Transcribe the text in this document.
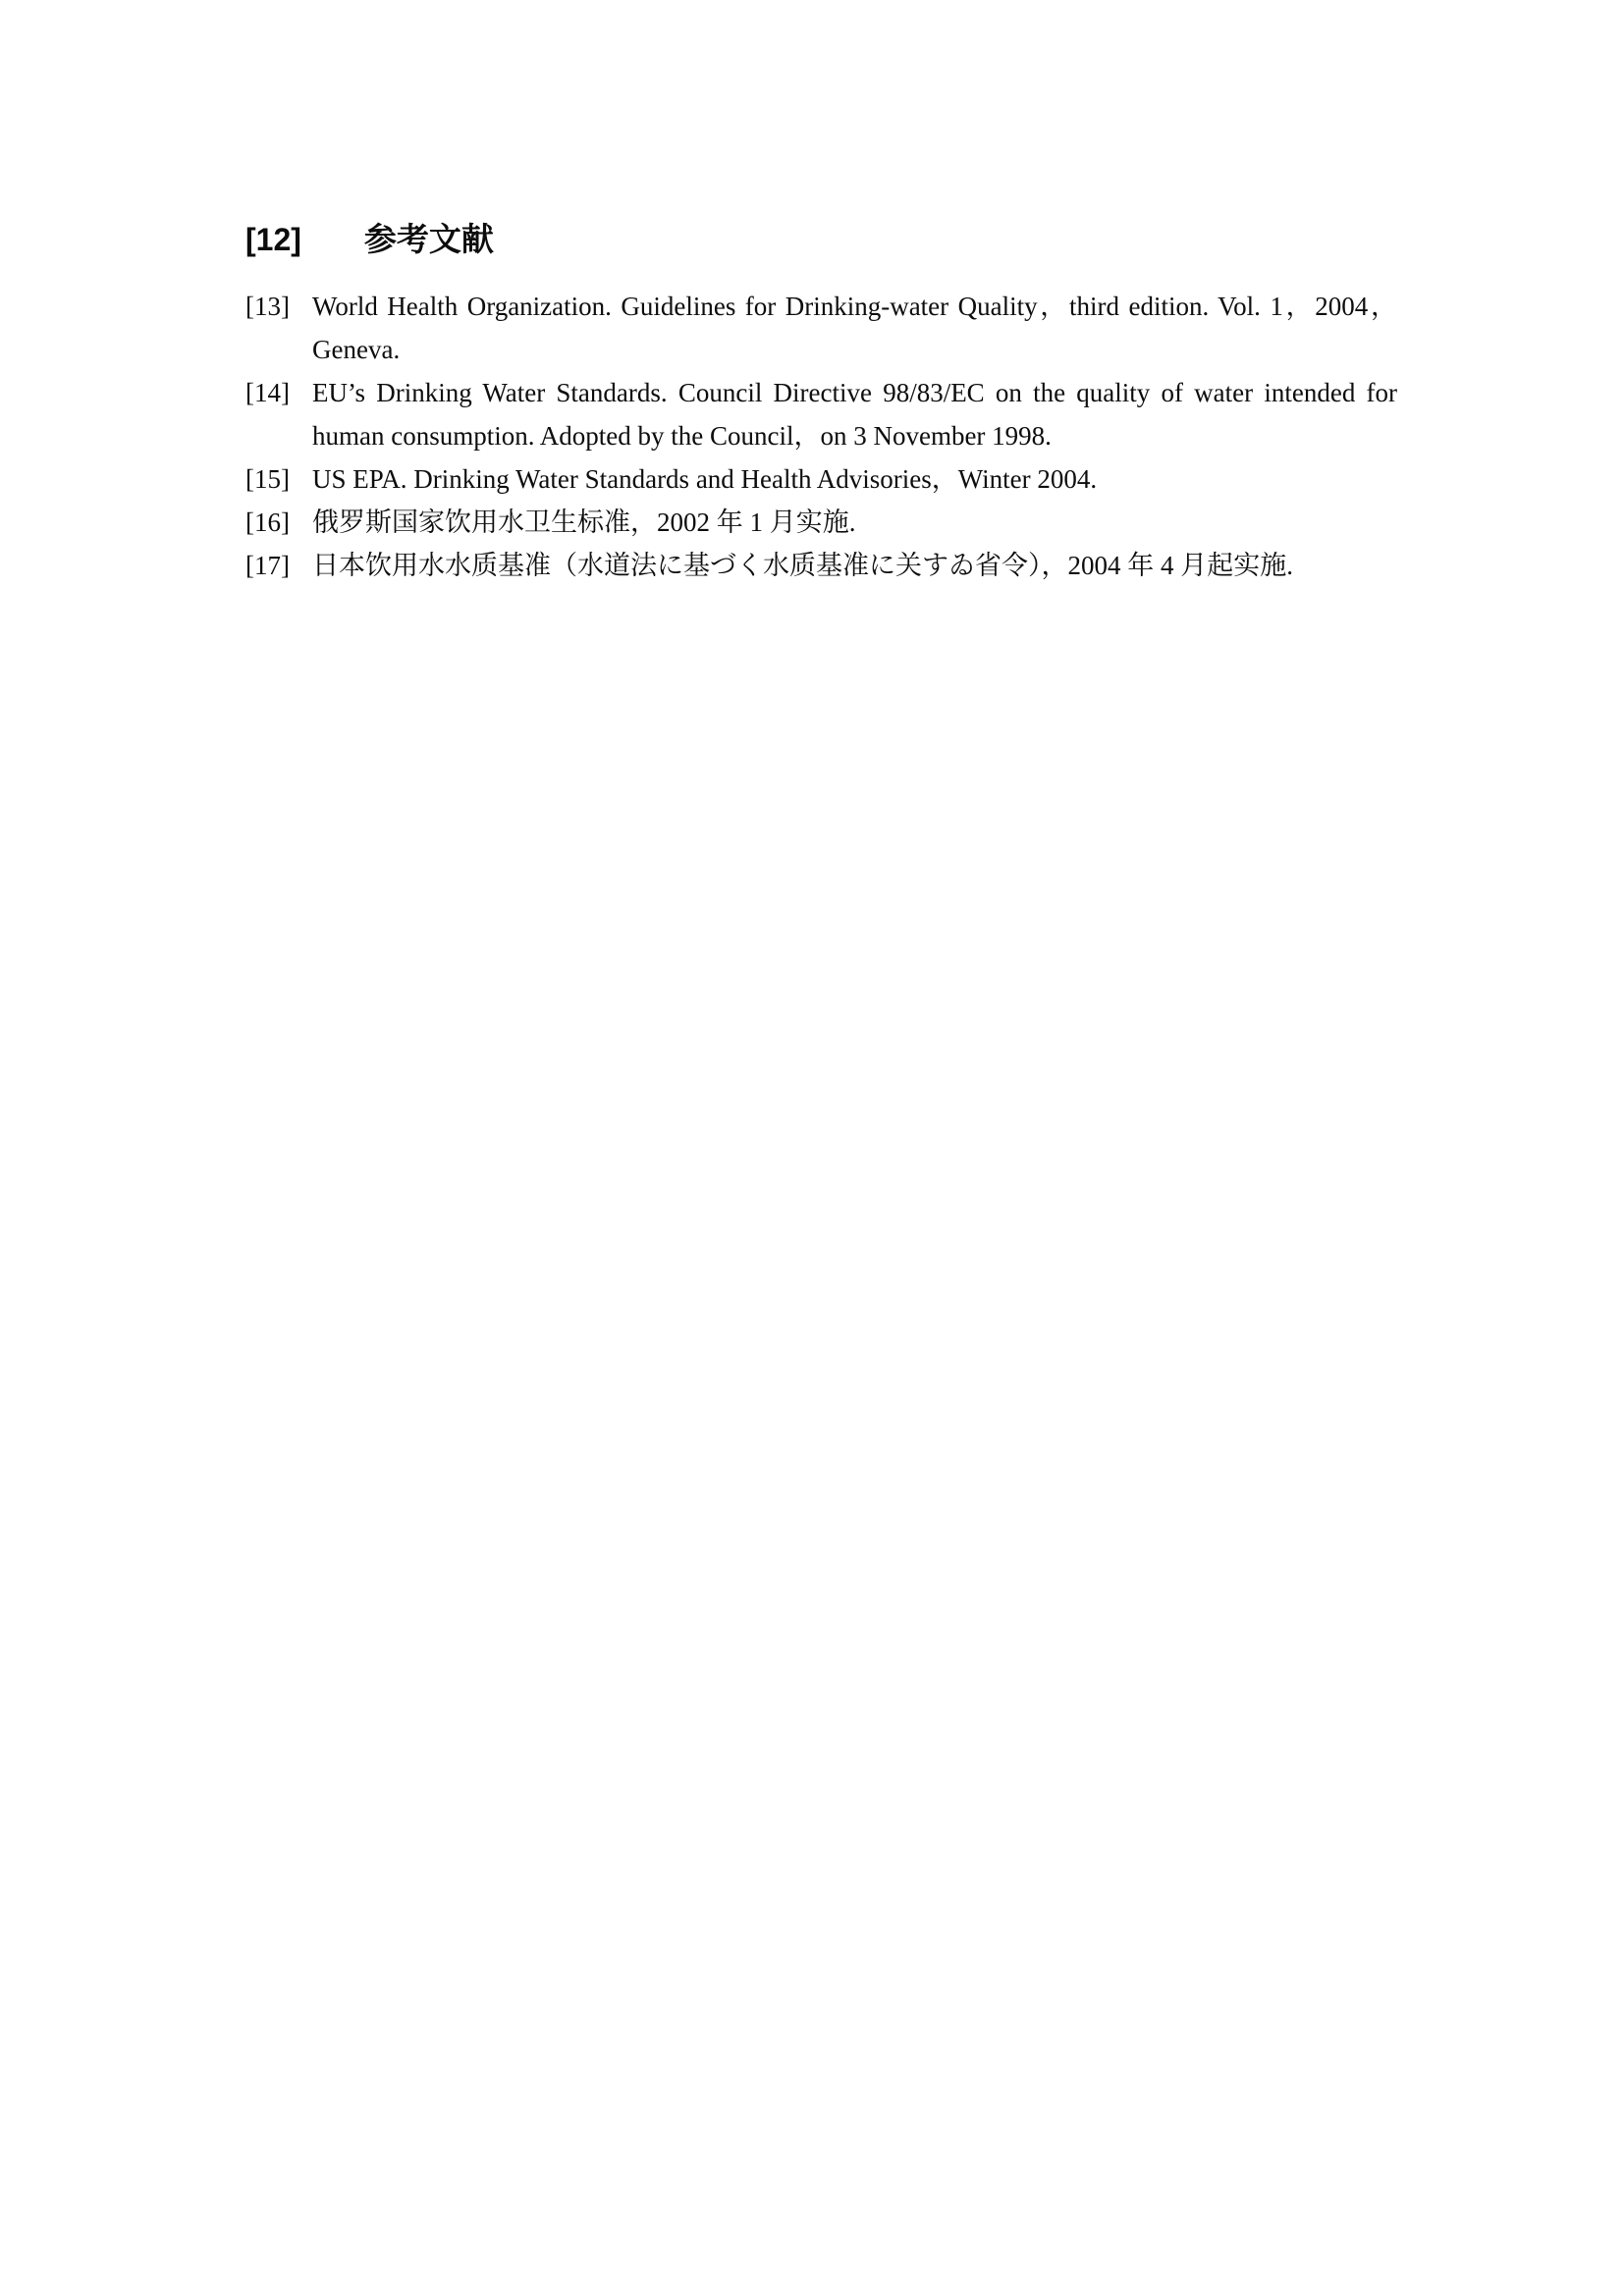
[12] 参考文献
[13] World Health Organization. Guidelines for Drinking-water Quality，third edition. Vol. 1，2004，Geneva.
[14] EU’s Drinking Water Standards. Council Directive 98/83/EC on the quality of water intended for human consumption. Adopted by the Council，on 3 November 1998.
[15] US EPA. Drinking Water Standards and Health Advisories，Winter 2004.
[16] 俄罗斯国家饮用水卫生标准，2002 年 1 月实施.
[17] 日本饮用水水质基准（水道法に基づく水质基准に关すゐ省令），2004 年 4 月起实施.
